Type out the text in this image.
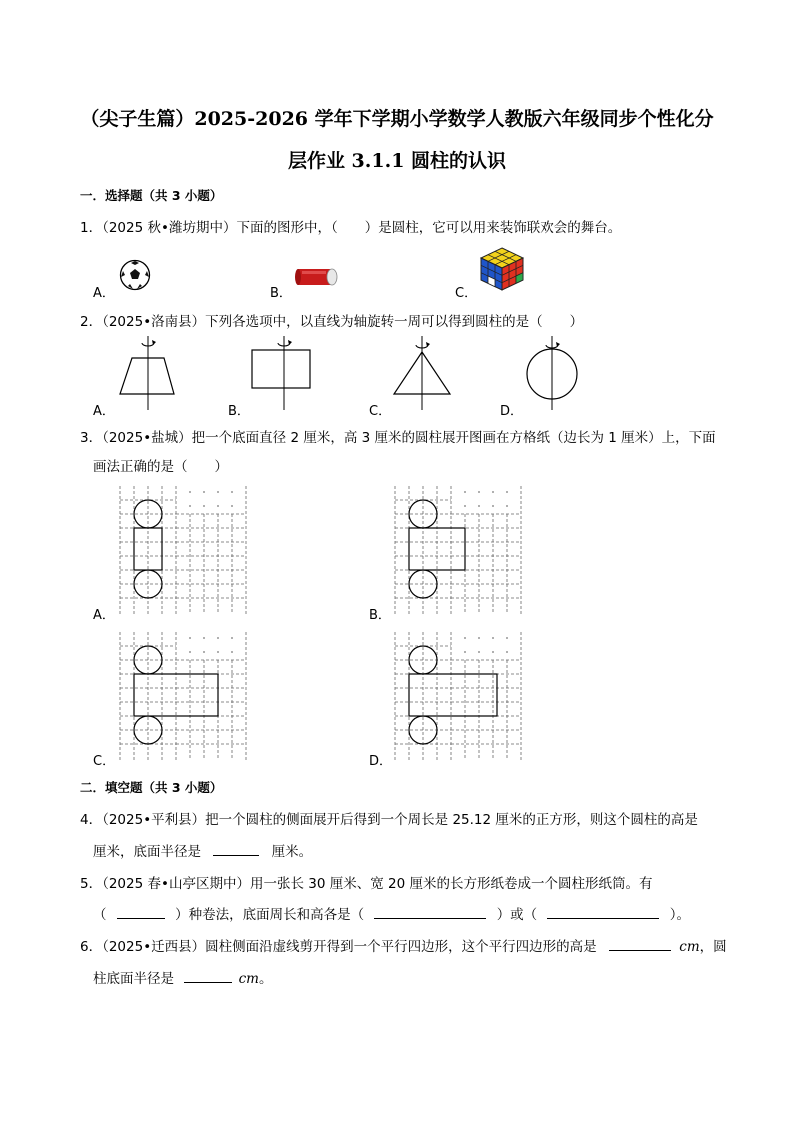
（尖子生篇）2025-2026 学年下学期小学数学人教版六年级同步个性化分
层作业 3.1.1 圆柱的认识
一．选择题（共 3 小题）
1．（2025 秋•潍坊期中）下面的图形中，（　　）是圆柱，它可以用来装饰联欢会的舞台。
A．	B．	C．
2．（2025•洛南县）下列各选项中，以直线为轴旋转一周可以得到圆柱的是（　　）
A．	B．	C．	D．
3．（2025•盐城）把一个底面直径 2 厘米，高 3 厘米的圆柱展开图画在方格纸（边长为 1 厘米）上，下面
画法正确的是（　　）
A．	B．
C．	D．
二．填空题（共 3 小题）
4．（2025•平利县）把一个圆柱的侧面展开后得到一个周长是 25.12 厘米的正方形，则这个圆柱的高是
厘米，底面半径是	厘米。
5．（2025 春•山亭区期中）用一张长 30 厘米、宽 20 厘米的长方形纸卷成一个圆柱形纸筒。有
（	）种卷法，底面周长和高各是（	）或（	）。
6．（2025•迁西县）圆柱侧面沿虚线剪开得到一个平行四边形，这个平行四边形的高是	cm，圆
柱底面半径是	cm。
